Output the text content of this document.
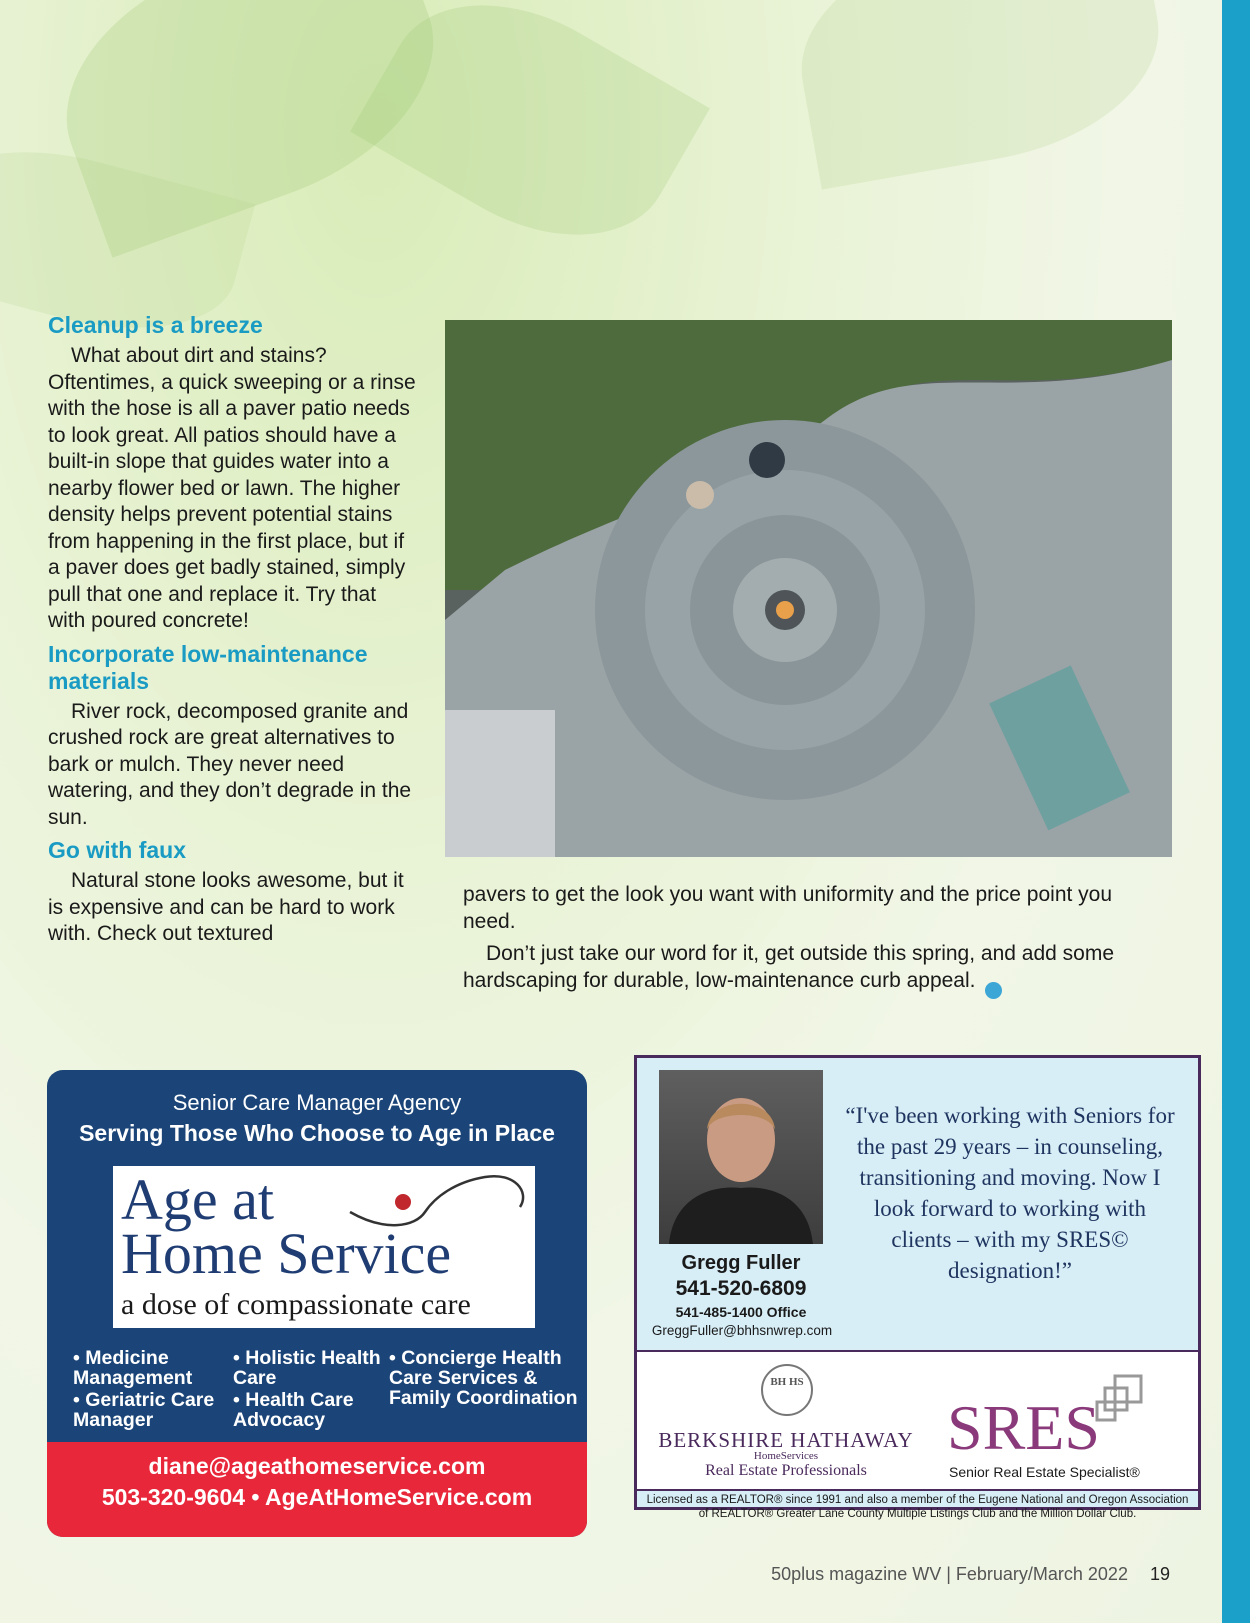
Cleanup is a breeze

What about dirt and stains? Oftentimes, a quick sweeping or a rinse with the hose is all a paver patio needs to look great. All patios should have a built-in slope that guides water into a nearby flower bed or lawn. The higher density helps prevent potential stains from happening in the first place, but if a paver does get badly stained, simply pull that one and replace it. Try that with poured concrete!

Incorporate low-maintenance materials

River rock, decomposed granite and crushed rock are great alternatives to bark or mulch. They never need watering, and they don’t degrade in the sun.

Go with faux

Natural stone looks awesome, but it is expensive and can be hard to work with. Check out textured

pavers to get the look you want with uniformity and the price point you need.

Don’t just take our word for it, get outside this spring, and add some hardscaping for durable, low-maintenance curb appeal.

Senior Care Manager Agency
Serving Those Who Choose to Age in Place
Age at
Home Service
a dose of compassionate care
• Medicine Management
• Geriatric Care Manager
• Holistic Health Care
• Health Care Advocacy
• Concierge Health Care Services & Family Coordination
diane@ageathomeservice.com
503-320-9604 • AgeAtHomeService.com
Gregg Fuller
541-520-6809
541-485-1400 Office
GreggFuller@bhhsnwrep.com
“I've been working with Seniors for the past 29 years – in counseling, transitioning and moving. Now I look forward to working with clients – with my SRES© designation!”
BH HS
BERKSHIRE HATHAWAY
HomeServices
Real Estate Professionals
SRES
Senior Real Estate Specialist®
Licensed as a REALTOR® since 1991 and also a member of the Eugene National and Oregon Association of REALTOR® Greater Lane County Multiple Listings Club and the Million Dollar Club.
50plus magazine WV | February/March 2022 19
